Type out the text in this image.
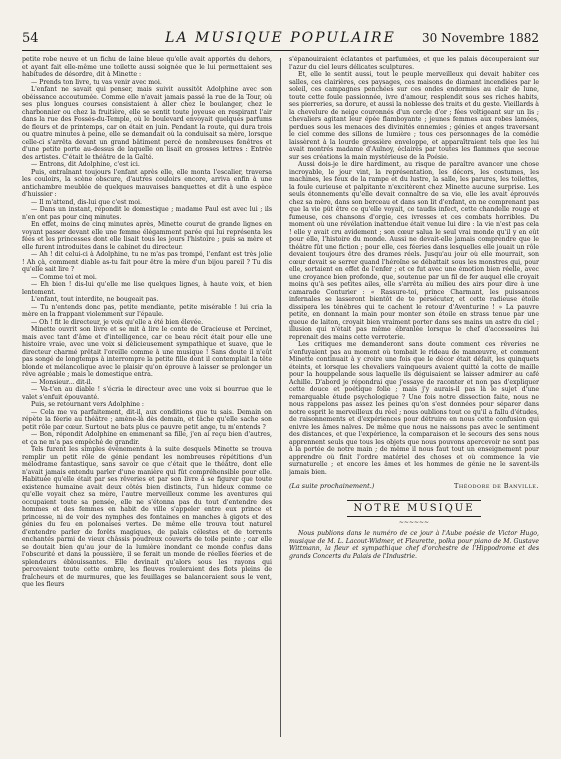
54	LA MUSIQUE POPULAIRE	30 Novembre 1882

petite robe neuve et un fichu de laine bleue qu'elle avait apportés du dehors, et ayant fait elle-même une toilette aussi soignée que le lui permettaient ses habitudes de désordre, dit à Minette :

— Prends ton livre, tu vas venir avec moi.

L'enfant ne savait qui penser, mais suivit aussitôt Adolphine avec son obéissance accoutumée. Comme elle n'avait jamais passé la rue de la Tour, où ses plus longues courses consistaient à aller chez le boulanger, chez le charbonnier ou chez la fruitière, elle se sentit toute joyeuse en respirant l'air dans la rue des Fossés-du-Temple, où le boulevard envoyait quelques parfums de fleurs et de printemps, car on était en juin. Pendant la route, qui dura trois ou quatre minutes à peine, elle se demandait où la conduisait sa mère, lorsque celle-ci s'arrêta devant un grand bâtiment percé de nombreuses fenêtres et d'une petite porte au-dessus de laquelle on lisait en grosses lettres : Entrée des artistes. C'était le théâtre de la Gaîté.

— Entrons, dit Adolphine, c'est ici.

Puis, entraînant toujours l'enfant après elle, elle monta l'escalier, traversa les couloirs, la scène obscure, d'autres couloirs encore, arriva enfin à une antichambre meublée de quelques mauvaises banquettes et dit à une espèce d'huissier :

— Il m'attend, dis-lui que c'est moi.

— Dans un instant, répondit le domestique ; madame Paul est avec lui ; ils n'en ont pas pour cinq minutes.

En effet, moins de cinq minutes après, Minette courut de grande lignes en voyant passer devant elle une femme élégamment parée qui lui représenta les fées et les princesses dont elle lisait tous les jours l'histoire ; puis sa mère et elle furent introduites dans le cabinet du directeur.

— Ah ! dit celui-ci à Adolphine, tu ne m'as pas trompé, l'enfant est très jolie ! Ah çà, comment diable as-tu fait pour être la mère d'un bijou pareil ? Tu dis qu'elle sait lire ?

— Comme toi et moi.

— Eh bien ! dis-lui qu'elle me lise quelques lignes, à haute voix, et bien lentement.

L'enfant, tout interdite, ne bougeait pas.

— Tu n'entends donc pas, petite mendiante, petite misérable ! lui cria la mère en la frappant violemment sur l'épaule.

— Oh ! fit le directeur, je vois qu'elle a été bien élevée.

Minette ouvrit son livre et se mit à lire le conte de Gracieuse et Percinet, mais avec tant d'âme et d'intelligence, car ce beau récit était pour elle une histoire vraie, avec une voix si délicieusement sympathique et suave, que le directeur charmé prêtait l'oreille comme à une musique ! Sans doute il n'eût pas songé de longtemps à interrompre la petite fille dont il contemplait la tête blonde et mélancolique avec le plaisir qu'on éprouve à laisser se prolonger un rêve agréable ; mais le domestique entra.

— Monsieur... dit-il.

— Va-t'en au diable ! s'écria le directeur avec une voix si bourrue que le valet s'enfuit épouvanté.

Puis, se retournant vers Adolphine :

— Cela me va parfaitement, dit-il, aux conditions que tu sais. Demain on répète la féerie au théâtre ; amène-là dès demain, et tâche qu'elle sache son petit rôle par cœur. Surtout ne bats plus ce pauvre petit ange, tu m'entends ?

— Bon, répondit Adolphine en emmenant sa fille, j'en ai reçu bien d'autres, et ça ne m'a pas empêché de grandir.

Tels furent les simples événements à la suite desquels Minette se trouva remplir un petit rôle de génie pendant les nombreuses répétitions d'un mélodrame fantastique, sans savoir ce que c'était que le théâtre, dont elle n'avait jamais entendu parler d'une manière qui fût compréhensible pour elle. Habituée qu'elle était par ses rêveries et par son livre à se figurer que toute existence humaine avait deux côtés bien distincts, l'un hideux comme ce qu'elle voyait chez sa mère, l'autre merveilleux comme les aventures qui occupaient toute sa pensée, elle ne s'étonna pas du tout d'entendre des hommes et des femmes en habit de ville s'appeler entre eux prince et princesse, ni de voir des nymphes des fontaines en manches à gigots et des génies du feu en polonaises vertes. De même elle trouva tout naturel d'entendre parler de forêts magiques, de palais célestes et de torrents enchantés parmi de vieux châssis poudreux couverts de toile peinte ; car elle se doutait bien qu'au jour de la lumière inondant ce monde confus dans l'obscurité et dans la poussière, il se ferait un monde de réelles féeries et de splendeurs éblouissantes. Elle devinait qu'alors sous les rayons qui percevaient toute cette ombre, les fleuves rouleraient des flots pleins de fraîcheurs et de murmures, que les feuillages se balanceraient sous le vent, que les fleurs

s'épanouiraient éclatantes et parfumées, et que les palais découperaient sur l'azur du ciel leurs délicates sculptures.

Et, elle le sentit aussi, tout le peuple merveilleux qui devait habiter ces salles, ces clairières, ces paysages, ces maisons de diamant incendiées par le soleil, ces campagnes penchées sur ces ondes endormies au clair de lune, toute cette foule passionnée, ivre d'amour, resplendit sous ses riches habits, ses pierreries, sa dorure, et aussi la noblesse des traits et du geste. Vieillards à la chevelure de neige couronnés d'un cercle d'or ; fées voltigeant sur un lis ; chevaliers agitant leur épée flamboyante ; jeunes femmes aux robes lamées, perdues sous les menaces des divinités ennemies ; génies et anges traversant le ciel comme des sillons de lumière ; tous ces personnages de la comédie laissèrent à la lourde grossière enveloppe, et apparaîtraient tels que les lui avait montrés madame d'Aulnoy, éclairés par toutes les flammes que secoue sur ses créations la main mystérieuse de la Poésie.

Aussi dois-je le dire hardiment, au risque de paraître avancer une chose incroyable, le jour vint, la représentation, les décors, les costumes, les machines, les feux de la rampe et du lustre, la salle, les parures, les toilettes, la foule curieuse et palpitante n'excitèrent chez Minette aucune surprise. Les seuls étonnements qu'elle devait connaître de sa vie, elle les avait éprouvés chez sa mère, dans son berceau et dans son lit d'enfant, en ne comprenant pas que la vie pût être ce qu'elle voyait, ce taudis infect, cette chandelle rouge et fumeuse, ces chansons d'orgie, ces ivresses et ces combats horribles. Du moment où une révélation inattendue était venue lui dire : la vie n'est pas cela ! elle y avait cru avidement ; son cœur salua le seul vrai monde qu'il y en eût pour elle, l'histoire du monde. Aussi ne devait-elle jamais comprendre que le théâtre fût une fiction ; pour elle, ces féeries dans lesquelles elle jouait un rôle devaient toujours être des drames réels. Jusqu'au jour où elle mourrait, son cœur devait se serrer quand l'héroïne se débattait sous les monstres qui, pour elle, sortaient en effet de l'enfer ; et ce fut avec une émotion bien réelle, avec une croyance bien profonde, que, soutenue par un fil de fer auquel elle croyait moins qu'à ses petites ailes, elle s'arrêta au milieu des airs pour dire à une camarade Conturier : « Rassure-toi, prince Charmant, les puissances infernales se lasseront bientôt de te persécuter, et cette radieuse étoile dissipera les ténèbres qui te cachent le retour d'Aventurine ! » La pauvre petite, en donnant la main pour monter son étoile en strass tenue par une queue de laiton, croyait bien vraiment porter dans ses mains un astre du ciel ; illusion qui n'était pas même ébranlée lorsque le chef d'accessoires lui reprenait des mains cette verroterie.

Les critiques me demanderont sans doute comment ces rêveries ne s'enfuyaient pas au moment où tombait le rideau de manœuvre, et comment Minette continuait à y croire une fois que le décor était défait, les quinquets éteints, et lorsque les chevaliers vainqueurs avaient quitté la cotte de maille pour la houppelande sous laquelle ils déguisaient se laisser admirer au café Achille. D'abord je répondrai que j'essaye de raconter et non pas d'expliquer cette douce et poétique folie ; mais j'y aurais-il pas là le sujet d'une remarquable étude psychologique ? Une fois notre dissection faite, nous ne nous rappelons pas assez les peines qu'on s'est données pour séparer dans notre esprit le merveilleux du réel ; nous oublions tout ce qu'il a fallu d'études, de raisonnements et d'expériences pour détruire en nous cette confusion qui enivre les âmes naïves. De même que nous ne naissons pas avec le sentiment des distances, et que l'expérience, la comparaison et le secours des sens nous apprennent seuls que tous les objets que nous pouvons apercevoir ne sont pas à la portée de notre main ; de même il nous faut tout un enseignement pour apprendre où finit l'ordre matériel des choses et où commence la vie surnaturelle ; et encore les âmes et les hommes de génie ne le savent-ils jamais bien.

(La suite prochainement.)	Théodore de Banville.
NOTRE MUSIQUE
~~~~~~

Nous publions dans le numéro de ce jour à l'Aube poésie de Victor Hugo, musique de M. L. Lacout-Widmer, et Fleurette, polka pour piano de M. Gustave Wittmann, la fleur et sympathique chef d'orchestre de l'Hippodrome et des grands Concerts du Palais de l'Industrie.
